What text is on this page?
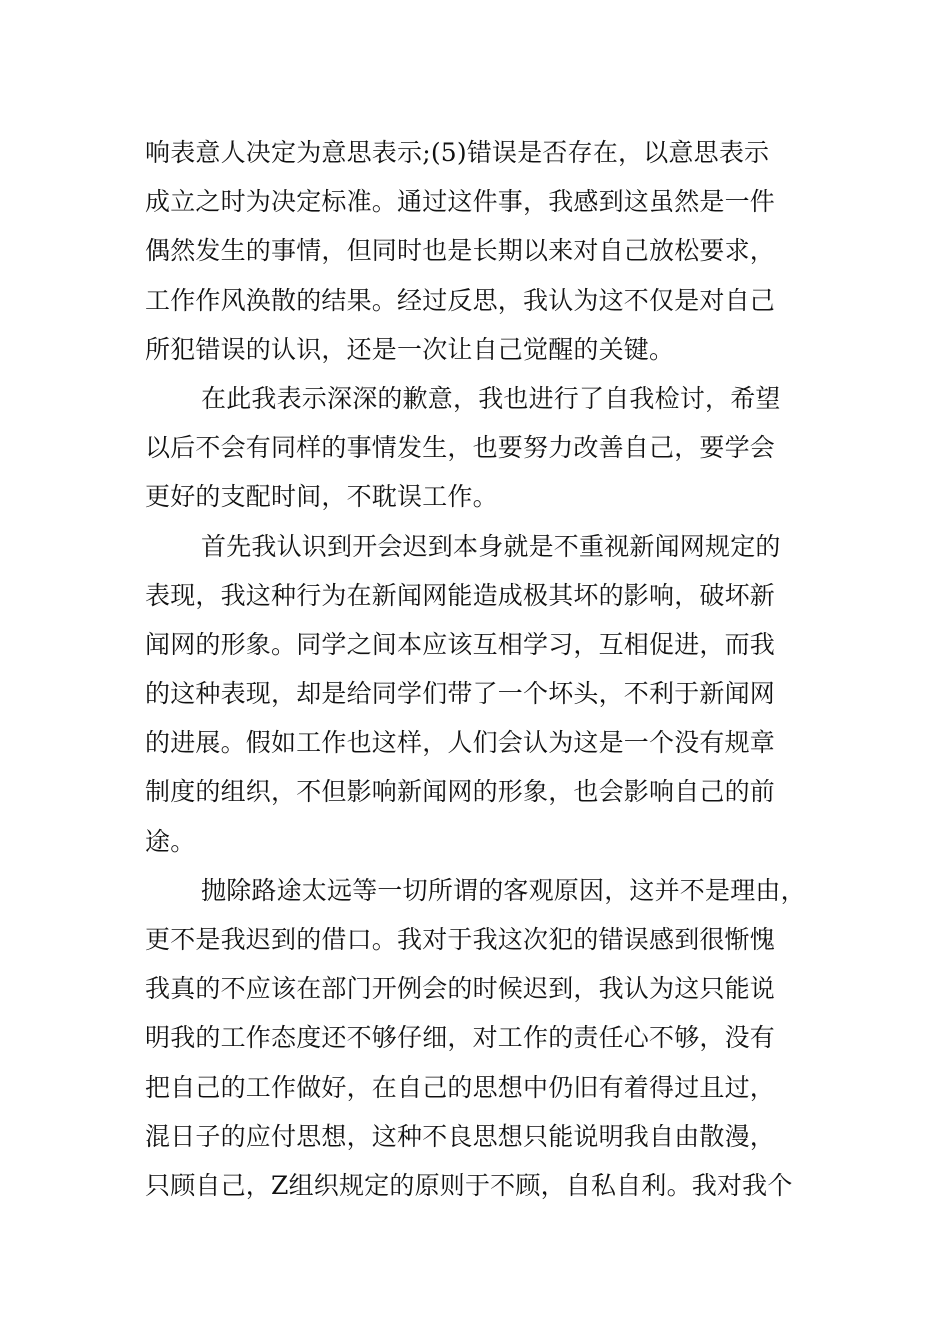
响表意人决定为意思表示;(5)错误是否存在，以意思表示
成立之时为决定标准。通过这件事，我感到这虽然是一件
偶然发生的事情，但同时也是长期以来对自己放松要求，
工作作风涣散的结果。经过反思，我认为这不仅是对自己
所犯错误的认识，还是一次让自己觉醒的关键。
在此我表示深深的歉意，我也进行了自我检讨，希望
以后不会有同样的事情发生，也要努力改善自己，要学会
更好的支配时间，不耽误工作。
首先我认识到开会迟到本身就是不重视新闻网规定的
表现，我这种行为在新闻网能造成极其坏的影响，破坏新
闻网的形象。同学之间本应该互相学习，互相促进，而我
的这种表现，却是给同学们带了一个坏头，不利于新闻网
的进展。假如工作也这样，人们会认为这是一个没有规章
制度的组织，不但影响新闻网的形象，也会影响自己的前
途。
抛除路途太远等一切所谓的客观原因，这并不是理由，
更不是我迟到的借口。我对于我这次犯的错误感到很惭愧
我真的不应该在部门开例会的时候迟到，我认为这只能说
明我的工作态度还不够仔细，对工作的责任心不够，没有
把自己的工作做好，在自己的思想中仍旧有着得过且过，
混日子的应付思想，这种不良思想只能说明我自由散漫，
只顾自己，Z组织规定的原则于不顾，自私自利。我对我个
